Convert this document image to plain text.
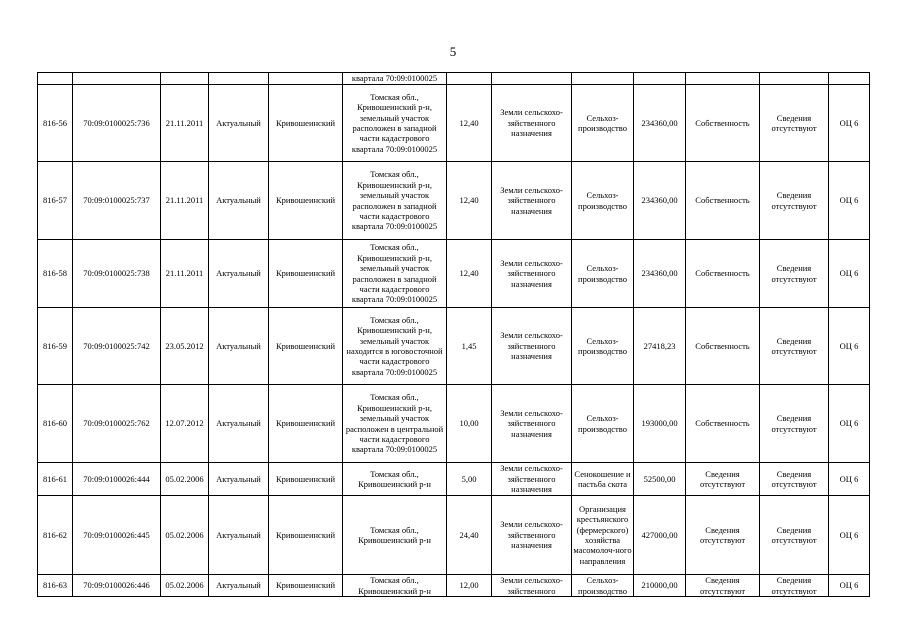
5
					квартала 70:09:0100025							
816-56	70:09:0100025:736	21.11.2011	Актуальный	Кривошеинский	Томская обл., Кривошеинский р-н, земельный участок расположен в западной части кадастрового квартала 70:09:0100025	12,40	Земли сельскохо-зяйственного назначения	Сельхоз-производство	234360,00	Собственность	Сведения отсутствуют	ОЦ 6
816-57	70:09:0100025:737	21.11.2011	Актуальный	Кривошеинский	Томская обл., Кривошеинский р-н, земельный участок расположен в западной части кадастрового квартала 70:09:0100025	12,40	Земли сельскохо-зяйственного назначения	Сельхоз-производство	234360,00	Собственность	Сведения отсутствуют	ОЦ 6
816-58	70:09:0100025:738	21.11.2011	Актуальный	Кривошеинский	Томская обл., Кривошеинский р-н, земельный участок расположен в западной части кадастрового квартала 70:09:0100025	12,40	Земли сельскохо-зяйственного назначения	Сельхоз-производство	234360,00	Собственность	Сведения отсутствуют	ОЦ 6
816-59	70:09:0100025:742	23.05.2012	Актуальный	Кривошеинский	Томская обл., Кривошеинский р-н, земельный участок находится в юговосточной части кадастрового квартала 70:09:0100025	1,45	Земли сельскохо-зяйственного назначения	Сельхоз-производство	27418,23	Собственность	Сведения отсутствуют	ОЦ 6
816-60	70:09:0100025:762	12.07.2012	Актуальный	Кривошеинский	Томская обл., Кривошеинский р-н, земельный участок расположен в центральной части кадастрового квартала 70:09:0100025	10,00	Земли сельскохо-зяйственного назначения	Сельхоз-производство	193000,00	Собственность	Сведения отсутствуют	ОЦ 6
816-61	70:09:0100026:444	05.02.2006	Актуальный	Кривошеинский	Томская обл., Кривошеинский р-н	5,00	Земли сельскохо-зяйственного назначения	Сенокошение и пастьба скота	52500,00	Сведения отсутствуют	Сведения отсутствуют	ОЦ 6
816-62	70:09:0100026:445	05.02.2006	Актуальный	Кривошеинский	Томская обл., Кривошеинский р-н	24,40	Земли сельскохо-зяйственного назначения	Организация крестьянского (фермерского) хозяйства масомолоч-ного направления	427000,00	Сведения отсутствуют	Сведения отсутствуют	ОЦ 6
816-63	70:09:0100026:446	05.02.2006	Актуальный	Кривошеинский	Томская обл., Кривошеинский р-н	12,00	Земли сельскохо-зяйственного	Сельхоз-производство	210000,00	Сведения отсутствуют	Сведения отсутствуют	ОЦ 6
